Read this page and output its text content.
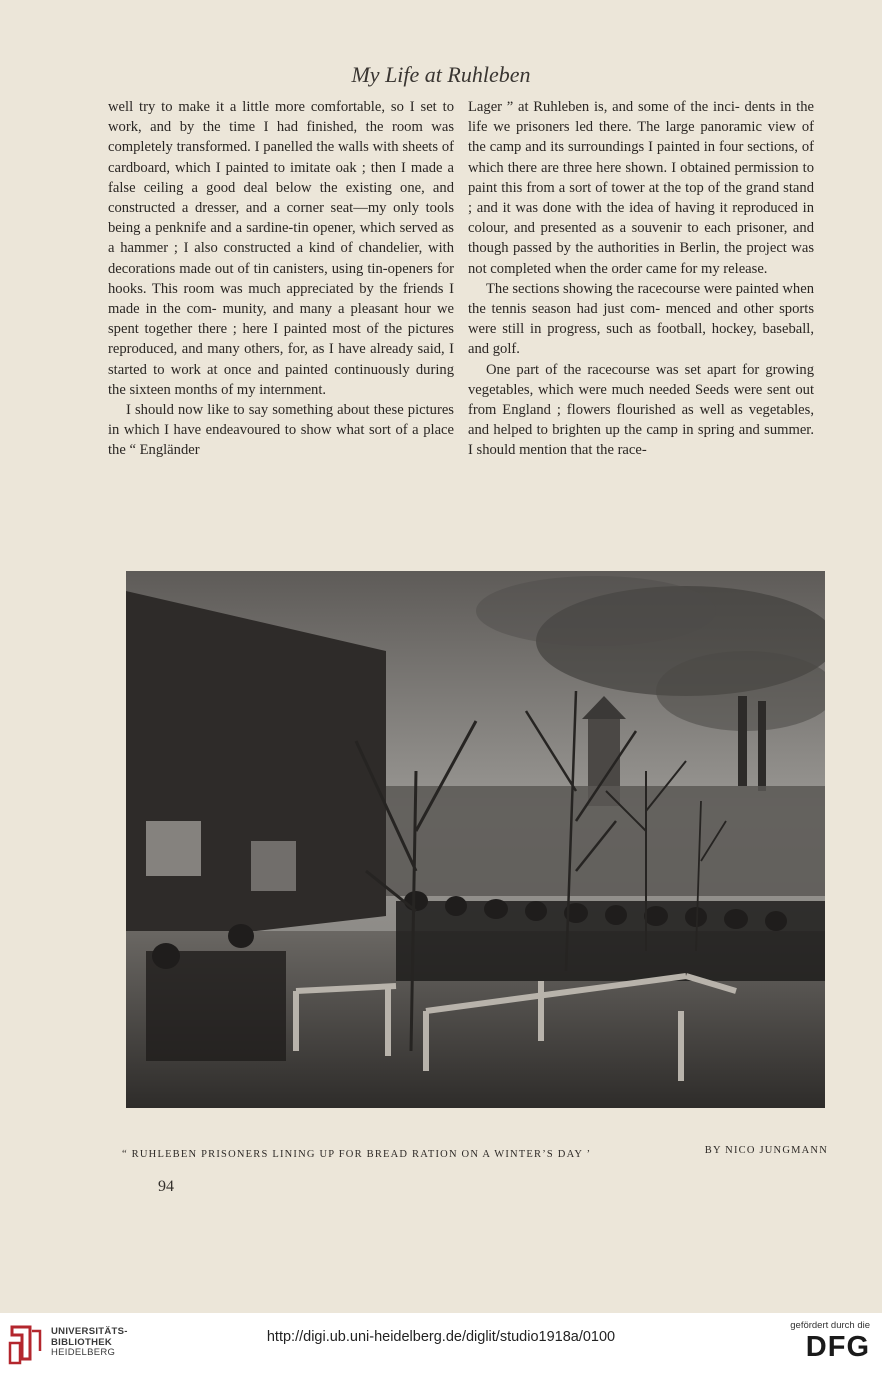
My Life at Ruhleben

well try to make it a little more comfortable, so I set to work, and by the time I had finished, the room was completely transformed. I panelled the walls with sheets of cardboard, which I painted to imitate oak ; then I made a false ceiling a good deal below the existing one, and constructed a dresser, and a corner seat—my only tools being a penknife and a sardine-tin opener, which served as a hammer ; I also constructed a kind of chandelier, with decorations made out of tin canisters, using tin-openers for hooks. This room was much appreciated by the friends I made in the com- munity, and many a pleasant hour we spent together there ; here I painted most of the pictures reproduced, and many others, for, as I have already said, I started to work at once and painted continuously during the sixteen months of my internment.

I should now like to say something about these pictures in which I have endeavoured to show what sort of a place the “ Engländer

Lager ” at Ruhleben is, and some of the inci- dents in the life we prisoners led there. The large panoramic view of the camp and its surroundings I painted in four sections, of which there are three here shown. I obtained permission to paint this from a sort of tower at the top of the grand stand ; and it was done with the idea of having it reproduced in colour, and presented as a souvenir to each prisoner, and though passed by the authorities in Berlin, the project was not completed when the order came for my release.

The sections showing the racecourse were painted when the tennis season had just com- menced and other sports were still in progress, such as football, hockey, baseball, and golf.

One part of the racecourse was set apart for growing vegetables, which were much needed Seeds were sent out from England ; flowers flourished as well as vegetables, and helped to brighten up the camp in spring and summer. I should mention that the race-

“ RUHLEBEN PRISONERS LINING UP FOR BREAD RATION ON A WINTER’S DAY ’	BY NICO JUNGMANN
94
UNIVERSITÄTS-
BIBLIOTHEK
HEIDELBERG
http://digi.ub.uni-heidelberg.de/diglit/studio1918a/0100
gefördert durch die
DFG
